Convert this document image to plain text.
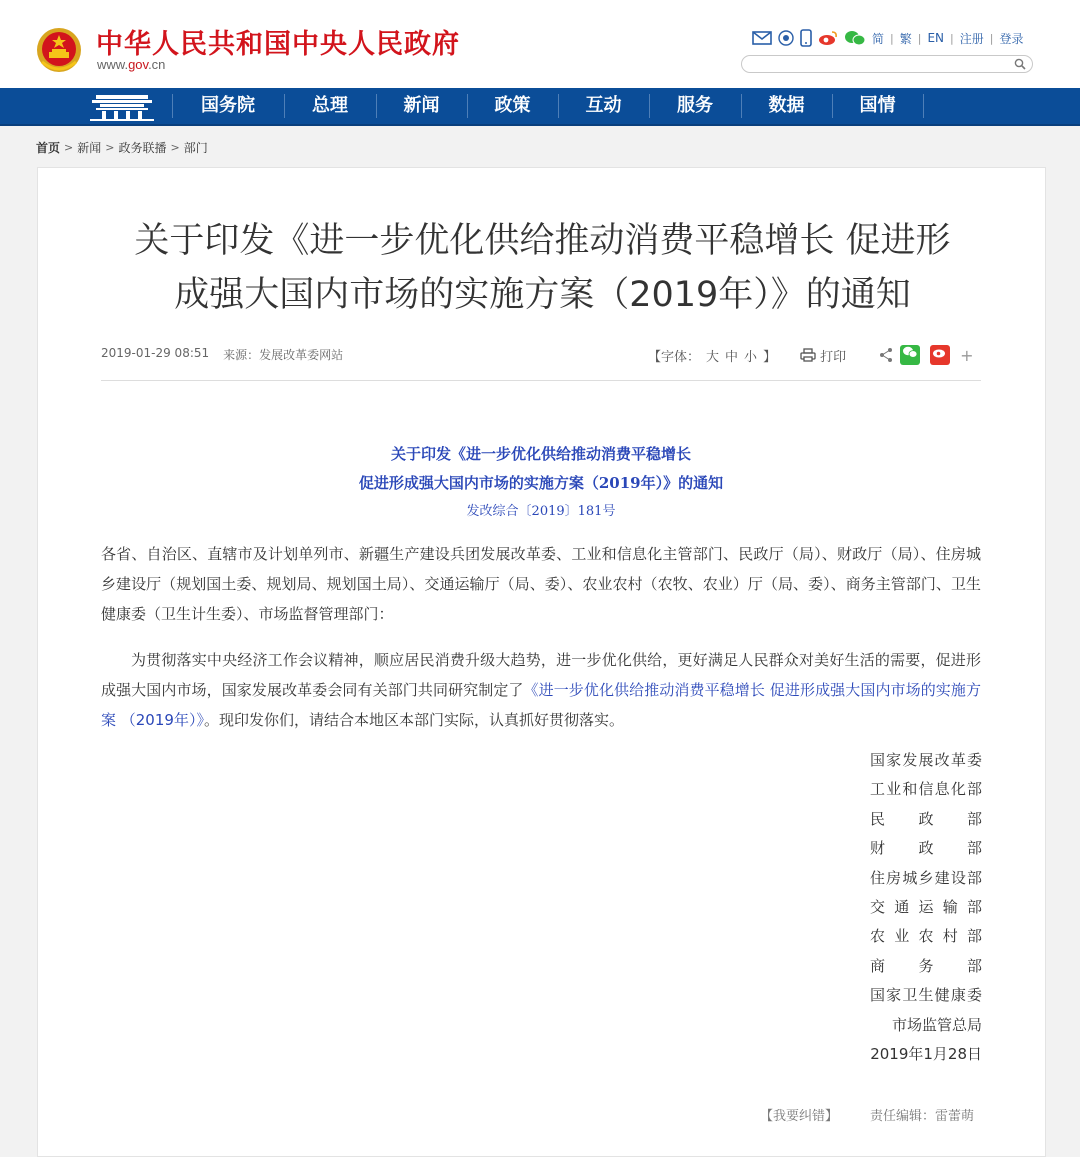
中华人民共和国中央人民政府
www.gov.cn
简 | 繁 | EN | 注册 | 登录
国务院	总理	新闻	政策	互动	服务	数据	国情
首页 > 新闻 > 政务联播 > 部门
关于印发《进一步优化供给推动消费平稳增长 促进形
成强大国内市场的实施方案（2019年）》的通知
2019-01-29 08:51 来源：发展改革委网站	【字体： 大 中 小 】	打印	+
关于印发《进一步优化供给推动消费平稳增长
促进形成强大国内市场的实施方案（2019年）》的通知
发改综合〔2019〕181号
各省、自治区、直辖市及计划单列市、新疆生产建设兵团发展改革委、工业和信息化主管部门、民政厅（局）、财政厅（局）、住房城乡建设厅（规划国土委、规划局、规划国土局）、交通运输厅（局、委）、农业农村（农牧、农业）厅（局、委）、商务主管部门、卫生健康委（卫生计生委）、市场监督管理部门：
为贯彻落实中央经济工作会议精神，顺应居民消费升级大趋势，进一步优化供给，更好满足人民群众对美好生活的需要，促进形成强大国内市场，国家发展改革委会同有关部门共同研究制定了《进一步优化供给推动消费平稳增长 促进形成强大国内市场的实施方案 （2019年）》。现印发你们，请结合本地区本部门实际，认真抓好贯彻落实。
国家发展改革委
工业和信息化部
民　政　部
财　政　部
住房城乡建设部
交通运输部
农业农村部
商　务　部
国家卫生健康委
市场监管总局
2019年1月28日
【我要纠错】 责任编辑：雷蕾萌
